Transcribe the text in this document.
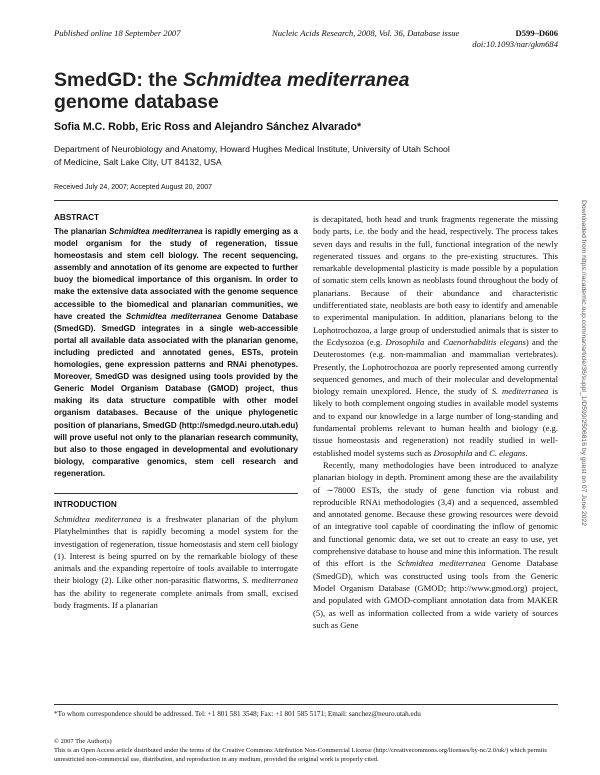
Published online 18 September 2007	Nucleic Acids Research, 2008, Vol. 36, Database issue	D599–D606
doi:10.1093/nar/gkm684
SmedGD: the Schmidtea mediterranea
genome database
Sofia M.C. Robb, Eric Ross and Alejandro Sánchez Alvarado*
Department of Neurobiology and Anatomy, Howard Hughes Medical Institute, University of Utah School
of Medicine, Salt Lake City, UT 84132, USA
Received July 24, 2007; Accepted August 20, 2007
ABSTRACT

The planarian Schmidtea mediterranea is rapidly emerging as a model organism for the study of regeneration, tissue homeostasis and stem cell biology. The recent sequencing, assembly and annotation of its genome are expected to further buoy the biomedical importance of this organism. In order to make the extensive data associated with the genome sequence accessible to the biomedical and planarian communities, we have created the Schmidtea mediterranea Genome Database (SmedGD). SmedGD integrates in a single web-accessible portal all available data associated with the planarian genome, including predicted and annotated genes, ESTs, protein homologies, gene expression patterns and RNAi phenotypes. Moreover, SmedGD was designed using tools provided by the Generic Model Organism Database (GMOD) project, thus making its data structure compatible with other model organism databases. Because of the unique phylogenetic position of planarians, SmedGD (http://smedgd.neuro.utah.edu) will prove useful not only to the planarian research community, but also to those engaged in developmental and evolutionary biology, comparative genomics, stem cell research and regeneration.

INTRODUCTION

Schmidtea mediterranea is a freshwater planarian of the phylum Platyhelminthes that is rapidly becoming a model system for the investigation of regeneration, tissue homeostasis and stem cell biology (1). Interest is being spurred on by the remarkable biology of these animals and the expanding repertoire of tools available to interrogate their biology (2). Like other non-parasitic flatworms, S. mediterranea has the ability to regenerate complete animals from small, excised body fragments. If a planarian

is decapitated, both head and trunk fragments regenerate the missing body parts, i.e. the body and the head, respectively. The process takes seven days and results in the full, functional integration of the newly regenerated tissues and organs to the pre-existing structures. This remarkable developmental plasticity is made possible by a population of somatic stem cells known as neoblasts found throughout the body of planarians. Because of their abundance and characteristic undifferentiated state, neoblasts are both easy to identify and amenable to experimental manipulation. In addition, planarians belong to the Lophotrochozoa, a large group of understudied animals that is sister to the Ecdysozoa (e.g. Drosophila and Caenorhabditis elegans) and the Deuterostomes (e.g. non-mammalian and mammalian vertebrates). Presently, the Lophotrochozoa are poorly represented among currently sequenced genomes, and much of their molecular and developmental biology remain unexplored. Hence, the study of S. mediterranea is likely to both complement ongoing studies in available model systems and to expand our knowledge in a large number of long-standing and fundamental problems relevant to human health and biology (e.g. tissue homeostasis and regeneration) not readily studied in well-established model systems such as Drosophila and C. elegans.

Recently, many methodologies have been introduced to analyze planarian biology in depth. Prominent among these are the availability of ∼78000 ESTs, the study of gene function via robust and reproducible RNAi methodologies (3,4) and a sequenced, assembled and annotated genome. Because these growing resources were devoid of an integrative tool capable of coordinating the inflow of genomic and functional genomic data, we set out to create an easy to use, yet comprehensive database to house and mine this information. The result of this effort is the Schmidtea mediterranea Genome Database (SmedGD), which was constructed using tools from the Generic Model Organism Database (GMOD; http://www.gmod.org) project, and populated with GMOD-compliant annotation data from MAKER (5), as well as information collected from a wide variety of sources such as Gene

*To whom correspondence should be addressed. Tel: +1 801 581 3548; Fax: +1 801 585 5171; Email: sanchez@neuro.utah.edu
© 2007 The Author(s)
This is an Open Access article distributed under the terms of the Creative Commons Attribution Non-Commercial License (http://creativecommons.org/licenses/by-nc/2.0/uk/) which permits unrestricted non-commercial use, distribution, and reproduction in any medium, provided the original work is properly cited.
Downloaded from https://academic.oup.com/nar/article/36/suppl_1/D599/2506816 by guest on 07 June 2022
